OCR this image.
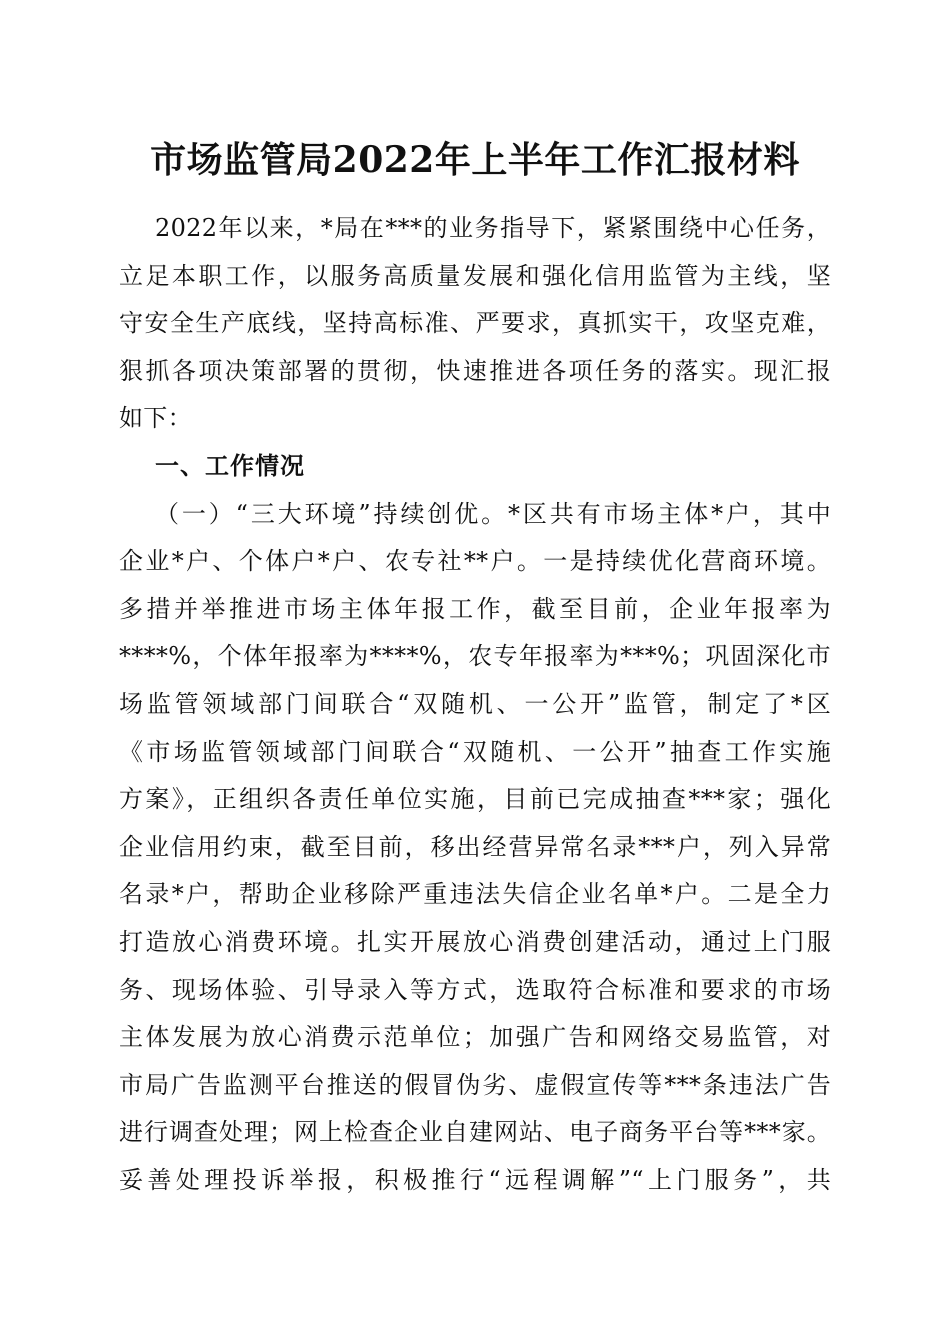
市场监管局2022年上半年工作汇报材料
2022年以来，*局在***的业务指导下，紧紧围绕中心任务，
立足本职工作，以服务高质量发展和强化信用监管为主线，坚
守安全生产底线，坚持高标准、严要求，真抓实干，攻坚克难，
狠抓各项决策部署的贯彻，快速推进各项任务的落实。现汇报
如下：
一、工作情况
（一）“三大环境”持续创优。*区共有市场主体*户，其中
企业*户、个体户*户、农专社**户。一是持续优化营商环境。
多措并举推进市场主体年报工作，截至目前，企业年报率为
****%，个体年报率为****%，农专年报率为***%；巩固深化市
场监管领域部门间联合“双随机、一公开”监管，制定了*区
《市场监管领域部门间联合“双随机、一公开”抽查工作实施
方案》，正组织各责任单位实施，目前已完成抽查***家；强化
企业信用约束，截至目前，移出经营异常名录***户，列入异常
名录*户，帮助企业移除严重违法失信企业名单*户。二是全力
打造放心消费环境。扎实开展放心消费创建活动，通过上门服
务、现场体验、引导录入等方式，选取符合标准和要求的市场
主体发展为放心消费示范单位；加强广告和网络交易监管，对
市局广告监测平台推送的假冒伪劣、虚假宣传等***条违法广告
进行调查处理；网上检查企业自建网站、电子商务平台等***家。
妥善处理投诉举报，积极推行“远程调解”“上门服务”，共
